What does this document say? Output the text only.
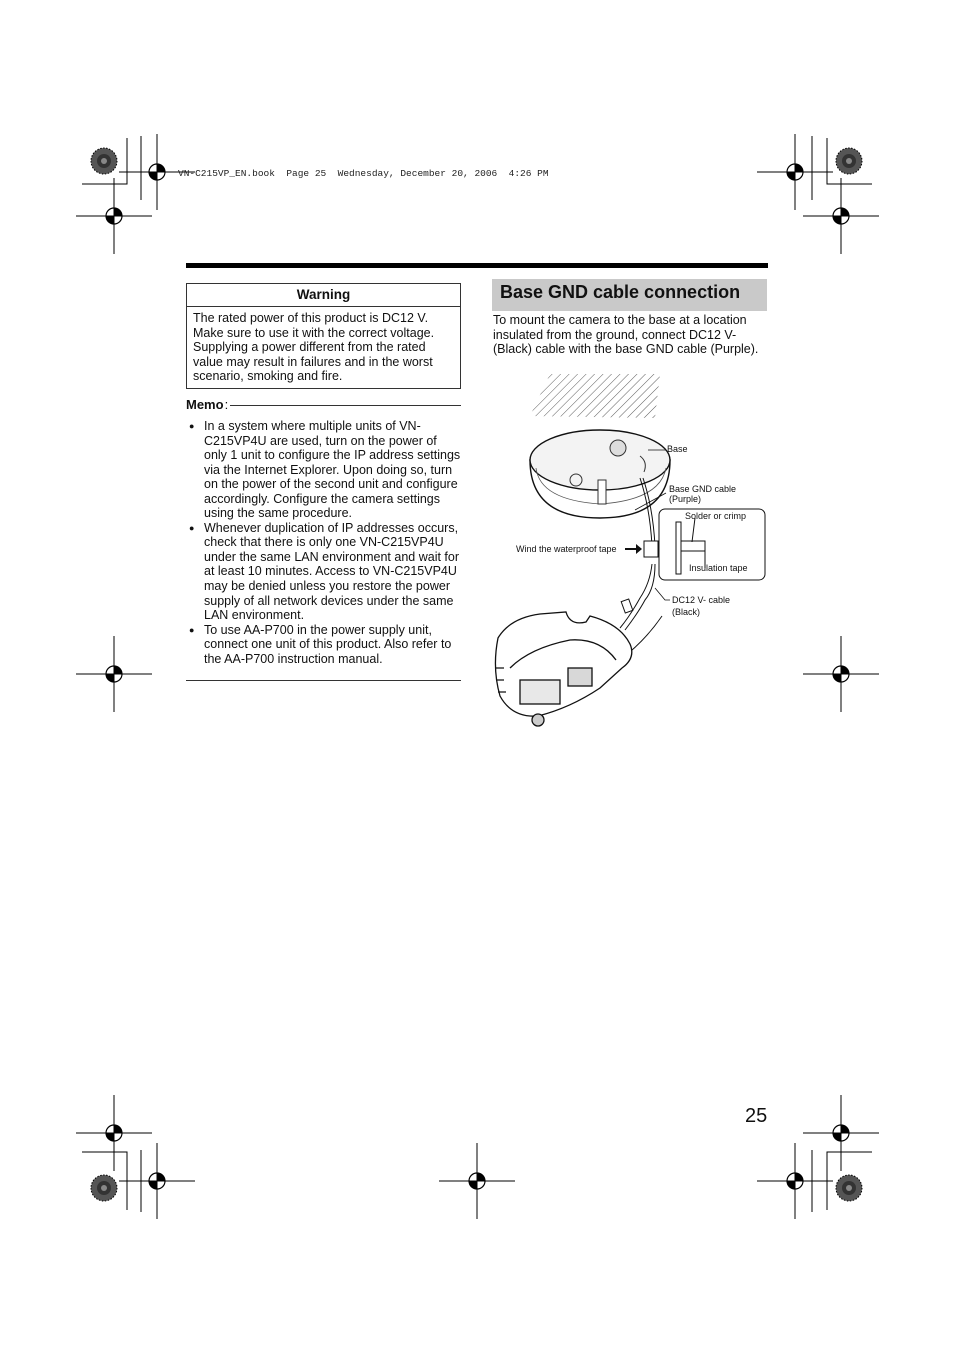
VN-C215VP_EN.book  Page 25  Wednesday, December 20, 2006  4:26 PM
Warning
The rated power of this product is DC12 V. Make sure to use it with the correct voltage. Supplying a power different from the rated value may result in failures and in the worst scenario, smoking and fire.
Memo :
● In a system where multiple units of VN-C215VP4U are used, turn on the power of only 1 unit to configure the IP address settings via the Internet Explorer. Upon doing so, turn on the power of the second unit and configure accordingly. Configure the camera settings using the same procedure.
● Whenever duplication of IP addresses occurs, check that there is only one VN-C215VP4U under the same LAN environment and wait for at least 10 minutes. Access to VN-C215VP4U may be denied unless you restore the power supply of all network devices under the same LAN environment.
● To use AA-P700 in the power supply unit, connect one unit of this product. Also refer to the AA-P700 instruction manual.
Base GND cable connection
To mount the camera to the base at a location insulated from the ground, connect DC12 V- (Black) cable with the base GND cable (Purple).
Base
Base GND cable
(Purple)
Solder or crimp
Wind the waterproof tape
Insulation tape
DC12 V- cable
(Black)
25
